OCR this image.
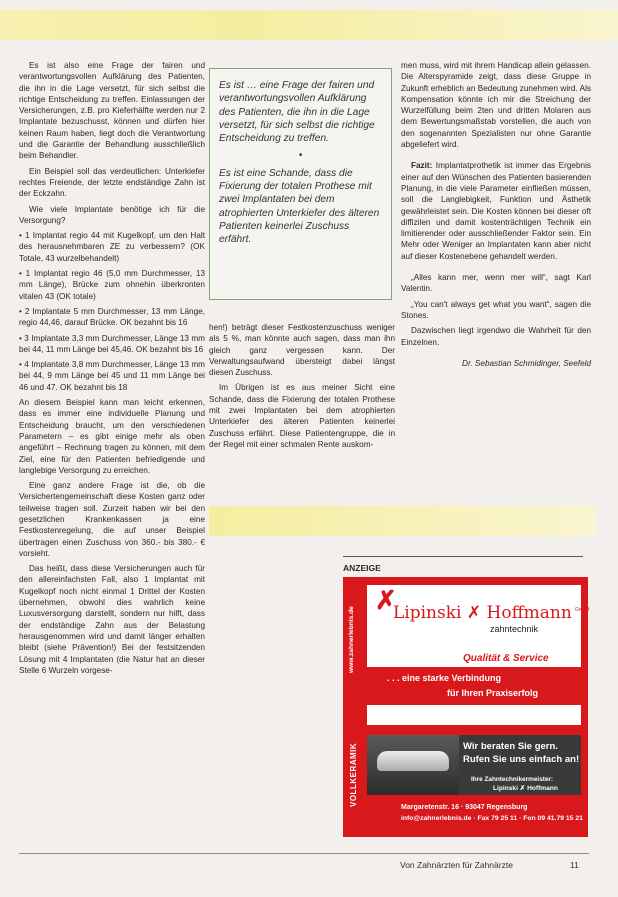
Es ist also eine Frage der fairen und verantwortungsvollen Aufklärung des Patienten, die ihn in die Lage versetzt, für sich selbst die richtige Entscheidung zu treffen. Einlassungen der Versicherungen, z.B. pro Kieferhälfte werden nur 2 Implantate bezuschusst, können und dürfen hier keinen Raum haben, liegt doch die Verantwortung und die Garantie der Behandlung ausschließlich beim Behandler.

Ein Beispiel soll das verdeutlichen: Unterkiefer rechtes Freiende, der letzte endständige Zahn ist der Eckzahn.

Wie viele Implantate benötige ich für die Versorgung?

• 1 Implantat regio 44 mit Kugelkopf, um den Halt des herausnehmbaren ZE zu verbessern? (OK Totale, 43 wurzelbehandelt)

• 1 Implantat regio 46 (5,0 mm Durchmesser, 13 mm Länge), Brücke zum ohnehin überkronten vitalen 43 (OK totale)

• 2 Implantate 5 mm Durchmesser, 13 mm Länge, regio 44,46, darauf Brücke. OK bezahnt bis 16

• 3 Implantate 3,3 mm Durchmesser, Länge 13 mm bei 44, 11 mm Länge bei 45,46. OK bezahnt bis 16

• 4 Implantate 3,8 mm Durchmesser, Länge 13 mm bei 44, 9 mm Länge bei 45 und 11 mm Länge bei 46 und 47. OK bezahnt bis 18

An diesem Beispiel kann man leicht erkennen, dass es immer eine individuelle Planung und Entscheidung braucht, um den verschiedenen Parametern – es gibt einige mehr als oben angeführt – Rechnung tragen zu können, mit dem Ziel, eine für den Patienten befriedigende und langlebige Versorgung zu erreichen.

Eine ganz andere Frage ist die, ob die Versichertengemeinschaft diese Kosten ganz oder teilweise tragen soll. Zurzeit haben wir bei den gesetzlichen Krankenkassen ja eine Festkostenregelung, die auf unser Beispiel übertragen einen Zuschuss von 360.- bis 380.- € vorsieht.

Das heißt, dass diese Versicherungen auch für den allereinfachsten Fall, also 1 Implantat mit Kugelkopf noch nicht einmal 1 Drittel der Kosten übernehmen, obwohl dies wahrlich keine Luxusversorgung darstellt, sondern nur hilft, dass der endständige Zahn aus der Belastung herausgenommen wird und damit länger erhalten bleibt (siehe Prävention!) Bei der festsitzenden Lösung mit 4 Implantaten (die Natur hat an dieser Stelle 6 Wurzeln vorgese-

Es ist … eine Frage der fairen und verantwortungsvollen Aufklärung des Patienten, die ihn in die Lage versetzt, für sich selbst die richtige Entscheidung zu treffen.

•

Es ist eine Schande, dass die Fixierung der totalen Prothese mit zwei Implantaten bei dem atrophierten Unterkiefer des älteren Patienten keinerlei Zuschuss erfährt.

hen!) beträgt dieser Festkostenzuschuss weniger als 5 %, man könnte auch sagen, dass man ihn gleich ganz vergessen kann. Der Verwaltungsaufwand übersteigt dabei längst diesen Zuschuss.

Im Übrigen ist es aus meiner Sicht eine Schande, dass die Fixierung der totalen Prothese mit zwei Implantaten bei dem atrophierten Unterkiefer des älteren Patienten keinerlei Zuschuss erfährt. Diese Patientengruppe, die in der Regel mit einer schmalen Rente auskom-

men muss, wird mit ihrem Handicap allein gelassen. Die Alterspyramide zeigt, dass diese Gruppe in Zukunft erheblich an Bedeutung zunehmen wird. Als Kompensation könnte ich mir die Streichung der Wurzelfüllung beim 2ten und dritten Molaren aus dem Bewertungsmaßstab vorstellen, die auch von den sogenannten Spezialisten nur ohne Garantie abgeliefert wird.

Fazit: Implantatprothetik ist immer das Ergebnis einer auf den Wünschen des Patienten basierenden Planung, in die viele Parameter einfließen müssen, soll die Langlebigkeit, Funktion und Ästhetik gewährleistet sein. Die Kosten können bei dieser oft diffizilen und damit kostenträchtigen Technik ein limitierender oder ausschließender Faktor sein. Ein Mehr oder Weniger an Implantaten kann aber nicht auf dieser Kostenebene gehandelt werden.

„Alles kann mer, wenn mer will“, sagt Karl Valentin.

„You can't always get what you want“, sagen die Stones.

Dazwischen liegt irgendwo die Wahrheit für den Einzelnen.

Dr. Sebastian Schmidinger, Seefeld

ANZEIGE
✗
www.zahnerlebnis.de Lipinski ✗ Hoffmann GmbH
zahntechnik
Qualität & Service
. . . eine starke Verbindung
für Ihren Praxiserfolg
TRIFFT GALVANO
VOLLKERAMIK	Wir beraten Sie gern.
Rufen Sie uns einfach an!
Ihre Zahntechnikermeister:
Lipinski ✗ Hoffmann
Margaretenstr. 16 · 93047 Regensburg
info@zahnerlebnis.de · Fax 79 25 11 · Fon 09 41.79 15 21
Von Zahnärzten für Zahnärzte	11
